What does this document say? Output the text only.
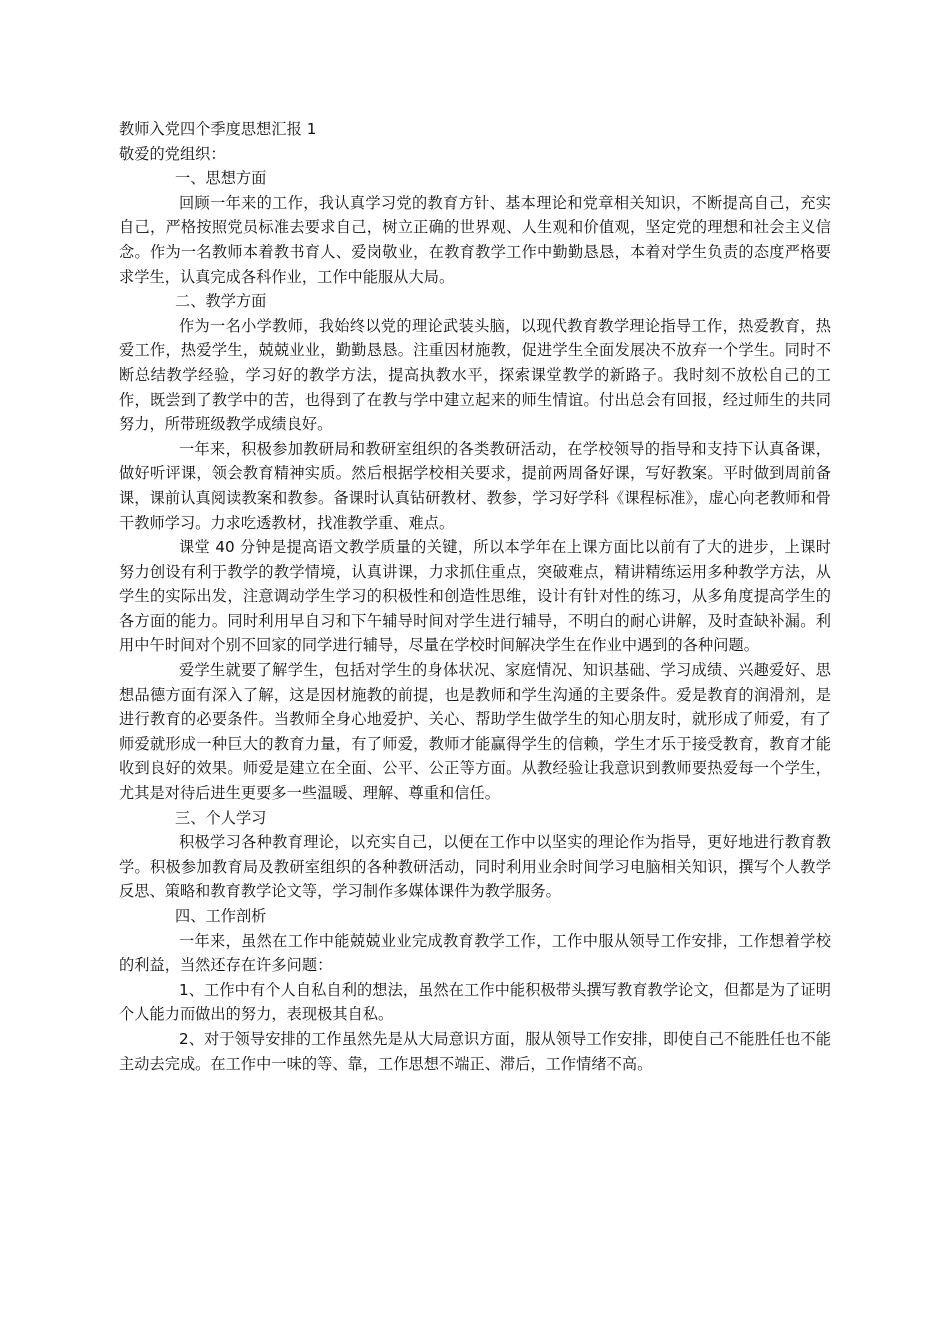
教师入党四个季度思想汇报 1

敬爱的党组织：

一、思想方面

回顾一年来的工作，我认真学习党的教育方针、基本理论和党章相关知识，不断提高自己，充实自己，严格按照党员标准去要求自己，树立正确的世界观、人生观和价值观，坚定党的理想和社会主义信念。作为一名教师本着教书育人、爱岗敬业，在教育教学工作中勤勤恳恳，本着对学生负责的态度严格要求学生，认真完成各科作业，工作中能服从大局。

二、教学方面

作为一名小学教师，我始终以党的理论武装头脑，以现代教育教学理论指导工作，热爱教育，热爱工作，热爱学生，兢兢业业，勤勤恳恳。注重因材施教，促进学生全面发展决不放弃一个学生。同时不断总结教学经验，学习好的教学方法，提高执教水平，探索课堂教学的新路子。我时刻不放松自己的工作，既尝到了教学中的苦，也得到了在教与学中建立起来的师生情谊。付出总会有回报，经过师生的共同努力，所带班级教学成绩良好。

一年来，积极参加教研局和教研室组织的各类教研活动，在学校领导的指导和支持下认真备课，做好听评课，领会教育精神实质。然后根据学校相关要求，提前两周备好课，写好教案。平时做到周前备课，课前认真阅读教案和教参。备课时认真钻研教材、教参，学习好学科《课程标准》，虚心向老教师和骨干教师学习。力求吃透教材，找准教学重、难点。

课堂 40 分钟是提高语文教学质量的关键，所以本学年在上课方面比以前有了大的进步，上课时努力创设有利于教学的教学情境，认真讲课，力求抓住重点，突破难点，精讲精练运用多种教学方法，从学生的实际出发，注意调动学生学习的积极性和创造性思维，设计有针对性的练习，从多角度提高学生的各方面的能力。同时利用早自习和下午辅导时间对学生进行辅导，不明白的耐心讲解，及时查缺补漏。利用中午时间对个别不回家的同学进行辅导，尽量在学校时间解决学生在作业中遇到的各种问题。

爱学生就要了解学生，包括对学生的身体状况、家庭情况、知识基础、学习成绩、兴趣爱好、思想品德方面有深入了解，这是因材施教的前提，也是教师和学生沟通的主要条件。爱是教育的润滑剂，是进行教育的必要条件。当教师全身心地爱护、关心、帮助学生做学生的知心朋友时，就形成了师爱，有了师爱就形成一种巨大的教育力量，有了师爱，教师才能赢得学生的信赖，学生才乐于接受教育，教育才能收到良好的效果。师爱是建立在全面、公平、公正等方面。从教经验让我意识到教师要热爱每一个学生，尤其是对待后进生更要多一些温暖、理解、尊重和信任。

三、个人学习

积极学习各种教育理论，以充实自己，以便在工作中以坚实的理论作为指导，更好地进行教育教学。积极参加教育局及教研室组织的各种教研活动，同时利用业余时间学习电脑相关知识，撰写个人教学反思、策略和教育教学论文等，学习制作多媒体课件为教学服务。

四、工作剖析

一年来，虽然在工作中能兢兢业业完成教育教学工作，工作中服从领导工作安排，工作想着学校的利益，当然还存在许多问题：

1、工作中有个人自私自利的想法，虽然在工作中能积极带头撰写教育教学论文，但都是为了证明个人能力而做出的努力，表现极其自私。

2、对于领导安排的工作虽然先是从大局意识方面，服从领导工作安排，即使自己不能胜任也不能主动去完成。在工作中一味的等、靠，工作思想不端正、滞后，工作情绪不高。
